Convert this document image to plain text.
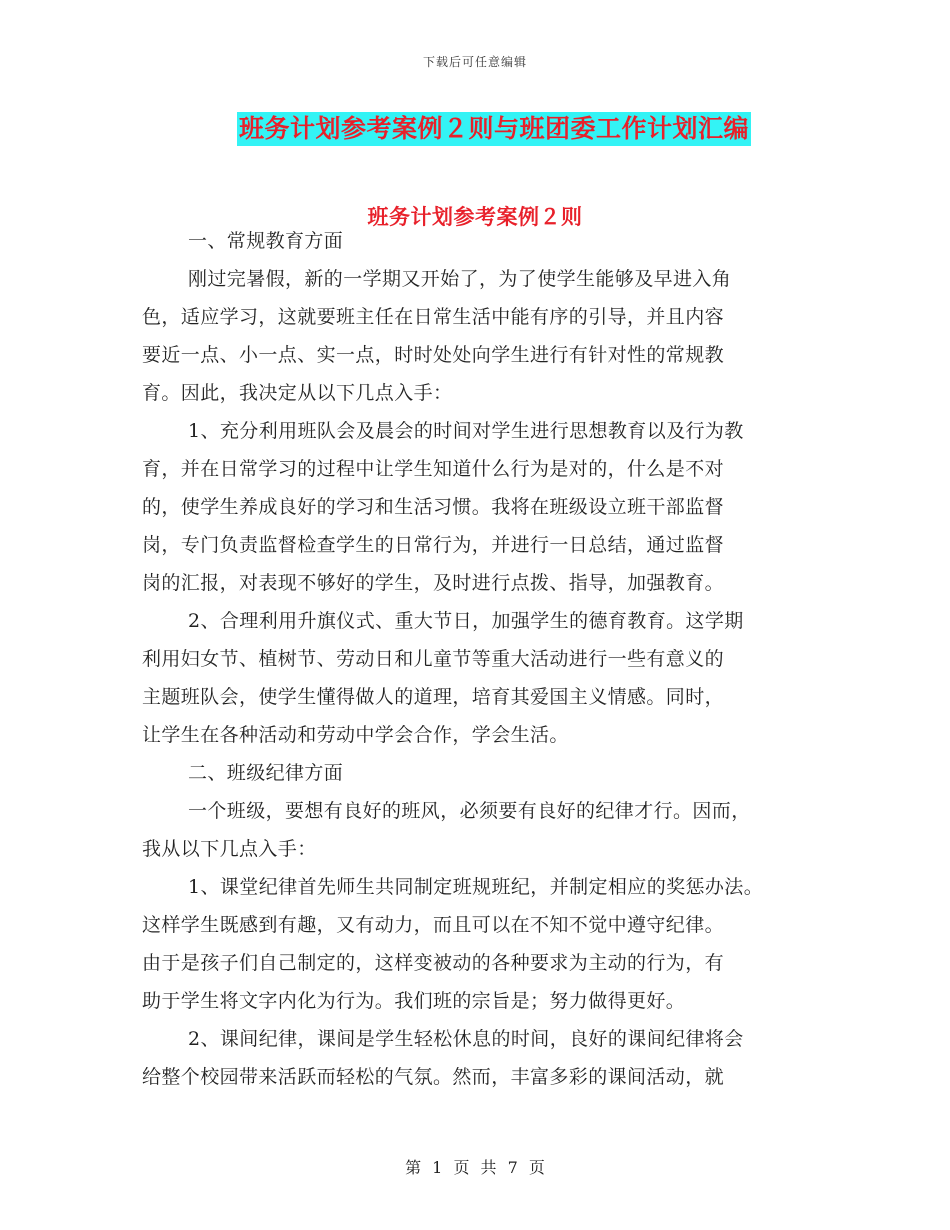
下载后可任意编辑
班务计划参考案例２则与班团委工作计划汇编
班务计划参考案例２则
一、常规教育方面
刚过完暑假，新的一学期又开始了，为了使学生能够及早进入角
色，适应学习，这就要班主任在日常生活中能有序的引导，并且内容
要近一点、小一点、实一点，时时处处向学生进行有针对性的常规教
育。因此，我决定从以下几点入手：
1、充分利用班队会及晨会的时间对学生进行思想教育以及行为教
育，并在日常学习的过程中让学生知道什么行为是对的，什么是不对
的，使学生养成良好的学习和生活习惯。我将在班级设立班干部监督
岗，专门负责监督检查学生的日常行为，并进行一日总结，通过监督
岗的汇报，对表现不够好的学生，及时进行点拨、指导，加强教育。
2、合理利用升旗仪式、重大节日，加强学生的德育教育。这学期
利用妇女节、植树节、劳动日和儿童节等重大活动进行一些有意义的
主题班队会，使学生懂得做人的道理，培育其爱国主义情感。同时，
让学生在各种活动和劳动中学会合作，学会生活。
二、班级纪律方面
一个班级，要想有良好的班风，必须要有良好的纪律才行。因而，
我从以下几点入手：
1、课堂纪律首先师生共同制定班规班纪，并制定相应的奖惩办法。
这样学生既感到有趣，又有动力，而且可以在不知不觉中遵守纪律。
由于是孩子们自己制定的，这样变被动的各种要求为主动的行为，有
助于学生将文字内化为行为。我们班的宗旨是；努力做得更好。
2、课间纪律，课间是学生轻松休息的时间，良好的课间纪律将会
给整个校园带来活跃而轻松的气氛。然而，丰富多彩的课间活动，就
第 1 页 共 7 页
